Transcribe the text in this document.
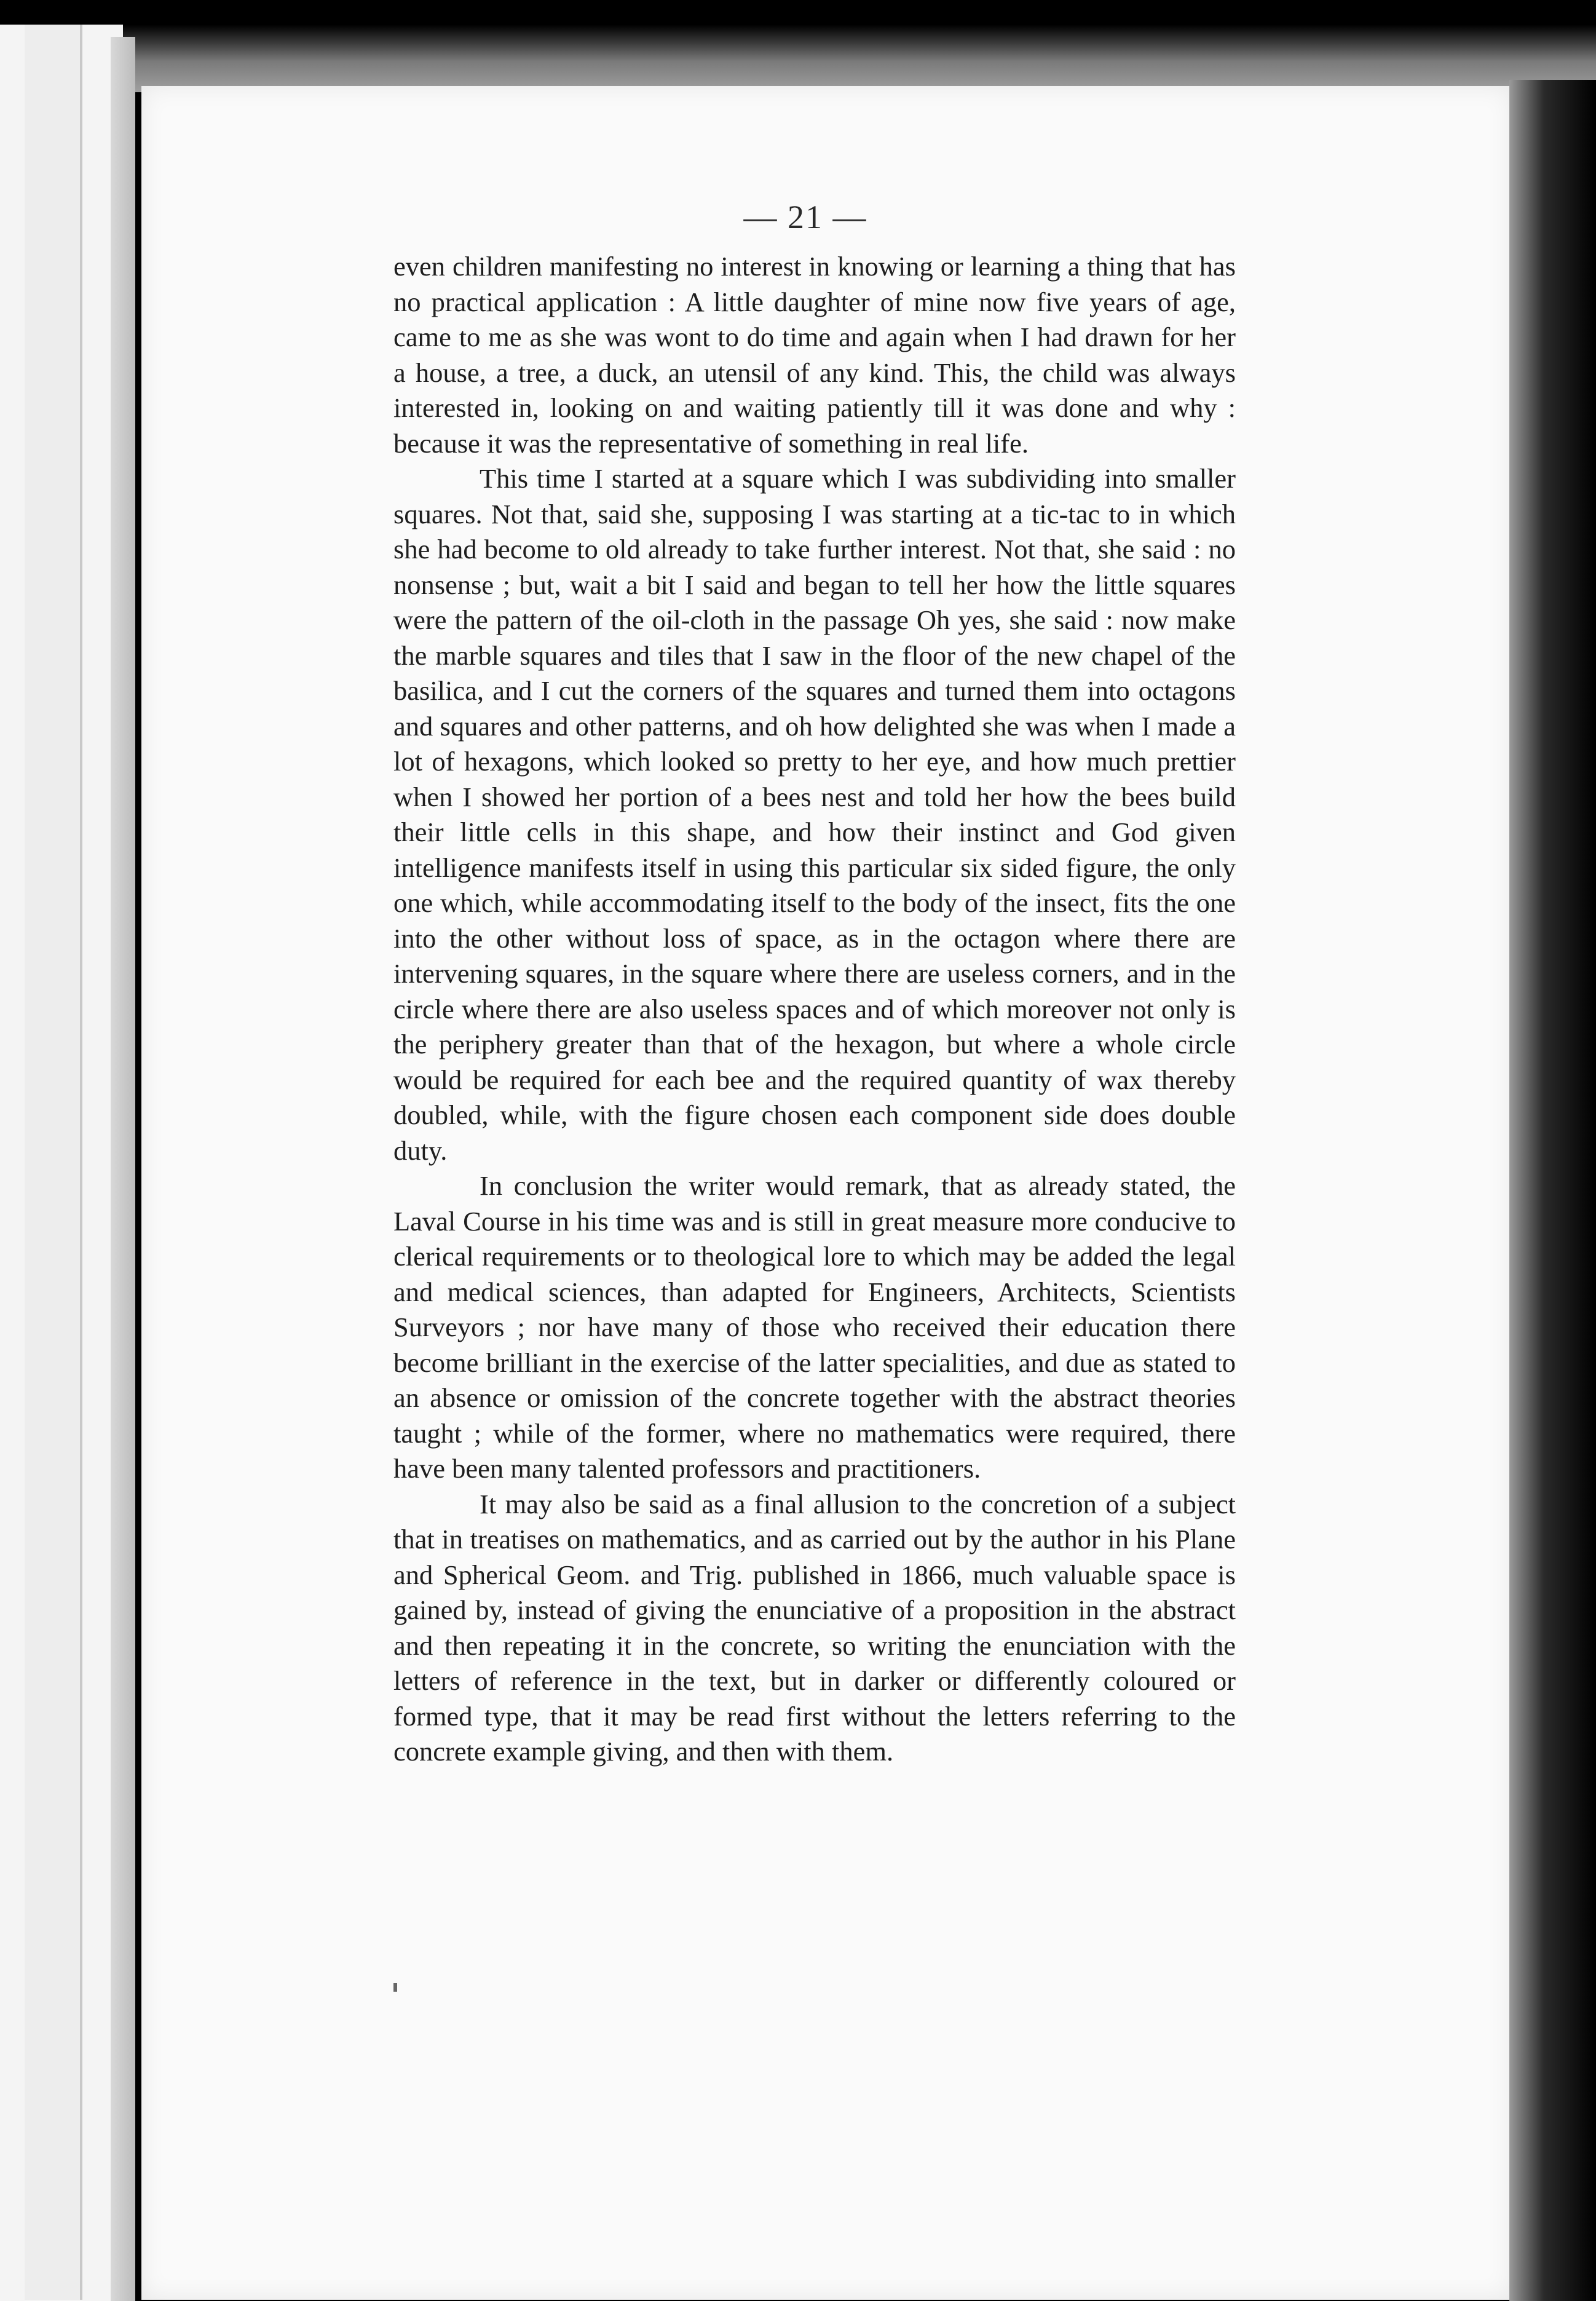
— 21 —

even children manifesting no interest in knowing or learning a thing that has no practical application : A little daughter of mine now five years of age, came to me as she was wont to do time and again when I had drawn for her a house, a tree, a duck, an utensil of any kind. This, the child was always interested in, looking on and waiting patiently till it was done and why : because it was the representative of something in real life.

This time I started at a square which I was subdividing into smaller squares. Not that, said she, supposing I was starting at a tic-tac to in which she had become to old already to take further interest. Not that, she said : no nonsense ; but, wait a bit I said and began to tell her how the little squares were the pattern of the oil-cloth in the passage Oh yes, she said : now make the marble squares and tiles that I saw in the floor of the new chapel of the basilica, and I cut the corners of the squares and turned them into octagons and squares and other patterns, and oh how delighted she was when I made a lot of hexagons, which looked so pretty to her eye, and how much prettier when I showed her portion of a bees nest and told her how the bees build their little cells in this shape, and how their instinct and God given intelligence manifests itself in using this particular six sided figure, the only one which, while accommodating itself to the body of the insect, fits the one into the other without loss of space, as in the octagon where there are intervening squares, in the square where there are useless corners, and in the circle where there are also useless spaces and of which moreover not only is the periphery greater than that of the hexagon, but where a whole circle would be required for each bee and the required quantity of wax thereby doubled, while, with the figure chosen each component side does double duty.

In conclusion the writer would remark, that as already stated, the Laval Course in his time was and is still in great measure more conducive to clerical requirements or to theological lore to which may be added the legal and medical sciences, than adapted for Engineers, Architects, Scientists Surveyors ; nor have many of those who received their education there become brilliant in the exercise of the latter specialities, and due as stated to an absence or omission of the concrete together with the abstract theories taught ; while of the former, where no mathematics were required, there have been many talented professors and practitioners.

It may also be said as a final allusion to the concretion of a subject that in treatises on mathematics, and as carried out by the author in his Plane and Spherical Geom. and Trig. published in 1866, much valuable space is gained by, instead of giving the enunciative of a proposition in the abstract and then repeating it in the concrete, so writing the enunciation with the letters of reference in the text, but in darker or differently coloured or formed type, that it may be read first without the letters referring to the concrete example giving, and then with them.
